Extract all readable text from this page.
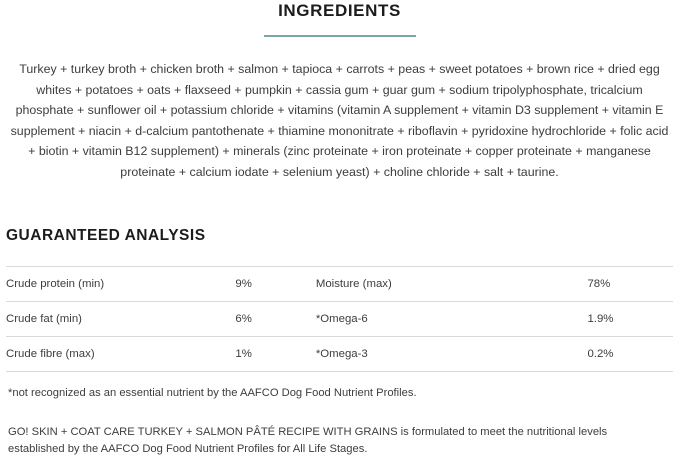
INGREDIENTS

Turkey + turkey broth + chicken broth + salmon + tapioca + carrots + peas + sweet potatoes + brown rice + dried egg whites + potatoes + oats + flaxseed + pumpkin + cassia gum + guar gum + sodium tripolyphosphate, tricalcium phosphate + sunflower oil + potassium chloride + vitamins (vitamin A supplement + vitamin D3 supplement + vitamin E supplement + niacin + d-calcium pantothenate + thiamine mononitrate + riboflavin + pyridoxine hydrochloride + folic acid + biotin + vitamin B12 supplement) + minerals (zinc proteinate + iron proteinate + copper proteinate + manganese proteinate + calcium iodate + selenium yeast) + choline chloride + salt + taurine.

GUARANTEED ANALYSIS
Crude protein (min)	9%	Moisture (max)	78%
Crude fat (min)	6%	*Omega-6	1.9%
Crude fibre (max)	1%	*Omega-3	0.2%

*not recognized as an essential nutrient by the AAFCO Dog Food Nutrient Profiles.

GO! SKIN + COAT CARE TURKEY + SALMON PÂTÉ RECIPE WITH GRAINS is formulated to meet the nutritional levels established by the AAFCO Dog Food Nutrient Profiles for All Life Stages.
